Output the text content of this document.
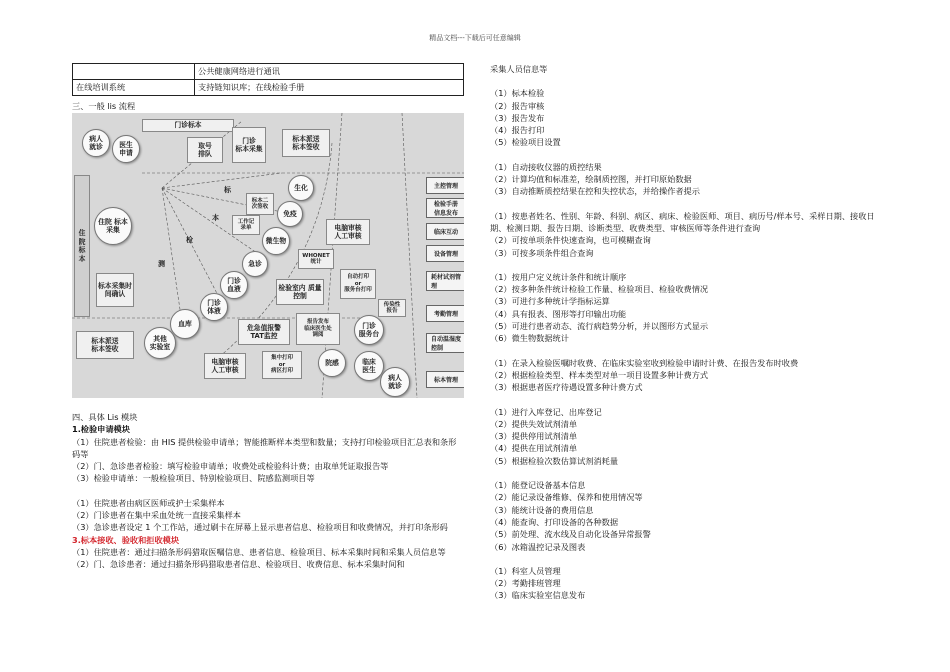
精品文档---下载后可任意编辑
	公共健康网络进行通讯
在线培训系统	支持链知识库；在线检验手册
三、一般 lis 流程
门诊标本
取号
排队
门诊
标本采集
标本派送
标本签收
病人
就诊	医生
申请
住
院
标
本
住院 标本采集
标本采集时间确认
标本派送
标本签收
标
本
检
测
生化
免疫
微生物
急诊
门诊
血液
门诊
体液
血库
其他
实验室
门诊
服务台
院感	临床
医生
病人
就诊
标本二
次签收
工作记
录单
WHONET
统计
电脑审核
人工审核
自动打印
or
服务台打印
检验室内 质量控制
危急值报警
TAT监控
报告发布
临床医生处
调阅
传染性
报告
电脑审核
人工审核
集中打印
or
病区打印
主控管理
检验手册
信息发布
临床互动
设备管理
耗材试剂管
理
考勤管理
自动温湿度
控制
标本管理

四、具体 Lis 模块

1.检验申请模块

（1）住院患者检验：由 HIS 提供检验申请单；智能推断样本类型和数量；支持打印检验项目汇总表和条形码等

（2）门、急诊患者检验：填写检验申请单；收费处或检验科计费；由取单凭证取报告等

（3）检验申请单：一般检验项目、特别检验项目、院感监测项目等

（1）住院患者由病区医师或护士采集样本

（2）门诊患者在集中采血处统一直接采集样本

（3）急诊患者设定 1 个工作站，通过刷卡在屏幕上显示患者信息、检验项目和收费情况，并打印条形码

3.标本接收、验收和拒收模块

（1）住院患者：通过扫描条形码猎取医嘱信息、患者信息、检验项目、标本采集时间和采集人员信息等

（2）门、急诊患者：通过扫描条形码猎取患者信息、检验项目、收费信息、标本采集时间和

采集人员信息等

（1）标本检验

（2）报告审核

（3）报告发布

（4）报告打印

（5）检验项目设置

（1）自动接收仪器的质控结果

（2）计算均值和标准差，绘制质控图，并打印原始数据

（3）自动推断质控结果在控和失控状态，并给操作者提示

（1）按患者姓名、性别、年龄、科别、病区、病床、检验医师、项目、病历号/样本号、采样日期、接收日期、检测日期、报告日期、诊断类型、收费类型、审核医师等条件进行查询

（2）可按单项条件快速查询，也可模糊查询

（3）可按多项条件组合查询

（1）按用户定义统计条件和统计顺序

（2）按多种条件统计检验工作量、检验项目、检验收费情况

（3）可进行多种统计学指标运算

（4）具有报表、图形等打印输出功能

（5）可进行患者动态、流行病趋势分析，并以图形方式显示

（6）微生物数据统计

（1）在录入检验医嘱时收费、在临床实验室收到检验申请时计费、在报告发布时收费

（2）根据检验类型、样本类型对单一项目设置多种计费方式

（3）根据患者医疗待遇设置多种计费方式

（1）进行入库登记、出库登记

（2）提供失效试剂清单

（3）提供停用试剂清单

（4）提供在用试剂清单

（5）根据检验次数估算试剂消耗量

（1）能登记设备基本信息

（2）能记录设备维修、保养和使用情况等

（3）能统计设备的费用信息

（4）能查询、打印设备的各种数据

（5）前处理、流水线及自动化设备异常报警

（6）冰箱温控记录及图表

（1）科室人员管理

（2）考勤排班管理

（3）临床实验室信息发布
